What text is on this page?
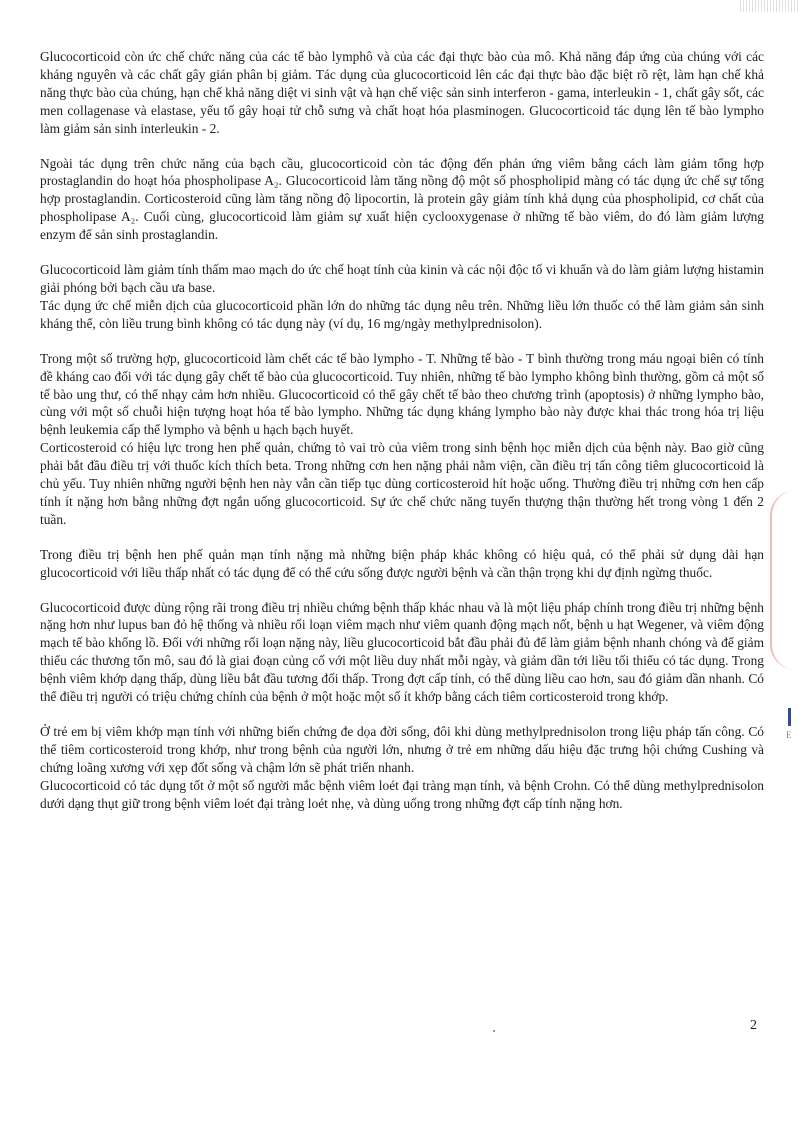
Ε

Glucocorticoid còn ức chế chức năng của các tế bào lymphô và của các đại thực bào của mô. Khả năng đáp ứng của chúng với các kháng nguyên và các chất gây gián phân bị giảm. Tác dụng của glucocorticoid lên các đại thực bào đặc biệt rõ rệt, làm hạn chế khả năng thực bào của chúng, hạn chế khả năng diệt vi sinh vật và hạn chế việc sản sinh interferon - gama, interleukin - 1, chất gây sốt, các men collagenase và elastase, yếu tố gây hoại tử chỗ sưng và chất hoạt hóa plasminogen. Glucocorticoid tác dụng lên tế bào lympho làm giảm sản sinh interleukin - 2.

Ngoài tác dụng trên chức năng của bạch cầu, glucocorticoid còn tác động đến phản ứng viêm bằng cách làm giảm tổng hợp prostaglandin do hoạt hóa phospholipase A₂. Glucocorticoid làm tăng nồng độ một số phospholipid màng có tác dụng ức chế sự tổng hợp prostaglandin. Corticosteroid cũng làm tăng nồng độ lipocortin, là protein gây giảm tính khả dụng của phospholipid, cơ chất của phospholipase A₂. Cuối cùng, glucocorticoid làm giảm sự xuất hiện cyclooxygenase ở những tế bào viêm, do đó làm giảm lượng enzym để sản sinh prostaglandin.

Glucocorticoid làm giảm tính thấm mao mạch do ức chế hoạt tính của kinin và các nội độc tố vi khuẩn và do làm giảm lượng histamin giải phóng bởi bạch cầu ưa base.

Tác dụng ức chế miễn dịch của glucocorticoid phần lớn do những tác dụng nêu trên. Những liều lớn thuốc có thể làm giảm sản sinh kháng thể, còn liều trung bình không có tác dụng này (ví dụ, 16 mg/ngày methylprednisolon).

Trong một số trường hợp, glucocorticoid làm chết các tế bào lympho - T. Những tế bào - T bình thường trong máu ngoại biên có tính đề kháng cao đối với tác dụng gây chết tế bào của glucocorticoid. Tuy nhiên, những tế bào lympho không bình thường, gồm cả một số tế bào ung thư, có thể nhạy cảm hơn nhiều. Glucocorticoid có thể gây chết tế bào theo chương trình (apoptosis) ở những lympho bào, cùng với một số chuỗi hiện tượng hoạt hóa tế bào lympho. Những tác dụng kháng lympho bào này được khai thác trong hóa trị liệu bệnh leukemia cấp thể lympho và bệnh u hạch bạch huyết.

Corticosteroid có hiệu lực trong hen phế quản, chứng tỏ vai trò của viêm trong sinh bệnh học miễn dịch của bệnh này. Bao giờ cũng phải bắt đầu điều trị với thuốc kích thích beta. Trong những cơn hen nặng phải nằm viện, cần điều trị tấn công tiêm glucocorticoid là chủ yếu. Tuy nhiên những người bệnh hen này vẫn cần tiếp tục dùng corticosteroid hít hoặc uống. Thường điều trị những cơn hen cấp tính ít nặng hơn bằng những đợt ngắn uống glucocorticoid. Sự ức chế chức năng tuyến thượng thận thường hết trong vòng 1 đến 2 tuần.

Trong điều trị bệnh hen phế quản mạn tính nặng mà những biện pháp khác không có hiệu quả, có thể phải sử dụng dài hạn glucocorticoid với liều thấp nhất có tác dụng để có thể cứu sống được người bệnh và cần thận trọng khi dự định ngừng thuốc.

Glucocorticoid được dùng rộng rãi trong điều trị nhiều chứng bệnh thấp khác nhau và là một liệu pháp chính trong điều trị những bệnh nặng hơn như lupus ban đỏ hệ thống và nhiều rối loạn viêm mạch như viêm quanh động mạch nốt, bệnh u hạt Wegener, và viêm động mạch tế bào khổng lồ. Đối với những rối loạn nặng này, liều glucocorticoid bắt đầu phải đủ để làm giảm bệnh nhanh chóng và để giảm thiểu các thương tổn mô, sau đó là giai đoạn củng cố với một liều duy nhất mỗi ngày, và giảm dần tới liều tối thiểu có tác dụng. Trong bệnh viêm khớp dạng thấp, dùng liều bắt đầu tương đối thấp. Trong đợt cấp tính, có thể dùng liều cao hơn, sau đó giảm dần nhanh. Có thể điều trị người có triệu chứng chính của bệnh ở một hoặc một số ít khớp bằng cách tiêm corticosteroid trong khớp.

Ở trẻ em bị viêm khớp mạn tính với những biến chứng đe dọa đời sống, đôi khi dùng methylprednisolon trong liệu pháp tấn công. Có thể tiêm corticosteroid trong khớp, như trong bệnh của người lớn, nhưng ở trẻ em những dấu hiệu đặc trưng hội chứng Cushing và chứng loãng xương với xẹp đốt sống và chậm lớn sẽ phát triển nhanh.

Glucocorticoid có tác dụng tốt ở một số người mắc bệnh viêm loét đại tràng mạn tính, và bệnh Crohn. Có thể dùng methylprednisolon dưới dạng thụt giữ trong bệnh viêm loét đại tràng loét nhẹ, và dùng uống trong những đợt cấp tính nặng hơn.

2
